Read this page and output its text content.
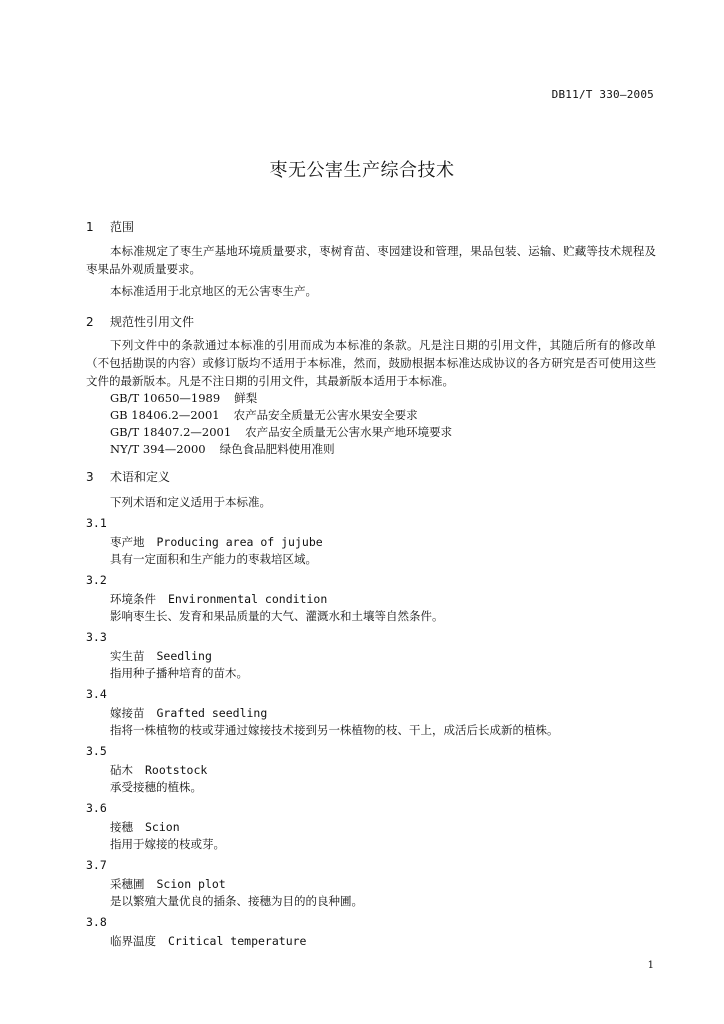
DB11/T 330—2005
枣无公害生产综合技术
1 范围
本标准规定了枣生产基地环境质量要求，枣树育苗、枣园建设和管理，果品包装、运输、贮藏等技术规程及枣果品外观质量要求。
本标准适用于北京地区的无公害枣生产。
2 规范性引用文件
下列文件中的条款通过本标准的引用而成为本标准的条款。凡是注日期的引用文件，其随后所有的修改单（不包括勘误的内容）或修订版均不适用于本标准，然而，鼓励根据本标准达成协议的各方研究是否可使用这些文件的最新版本。凡是不注日期的引用文件，其最新版本适用于本标准。
GB/T 10650—1989 鲜梨
GB 18406.2—2001 农产品安全质量无公害水果安全要求
GB/T 18407.2—2001 农产品安全质量无公害水果产地环境要求
NY/T 394—2000 绿色食品肥料使用准则
3 术语和定义
下列术语和定义适用于本标准。
3.1
枣产地 Producing area of jujube
具有一定面积和生产能力的枣栽培区域。
3.2
环境条件 Environmental condition
影响枣生长、发育和果品质量的大气、灌溉水和土壤等自然条件。
3.3
实生苗 Seedling
指用种子播种培育的苗木。
3.4
嫁接苗 Grafted seedling
指将一株植物的枝或芽通过嫁接技术接到另一株植物的枝、干上，成活后长成新的植株。
3.5
砧木 Rootstock
承受接穗的植株。
3.6
接穗 Scion
指用于嫁接的枝或芽。
3.7
采穗圃 Scion plot
是以繁殖大量优良的插条、接穗为目的的良种圃。
3.8
临界温度 Critical temperature
1
